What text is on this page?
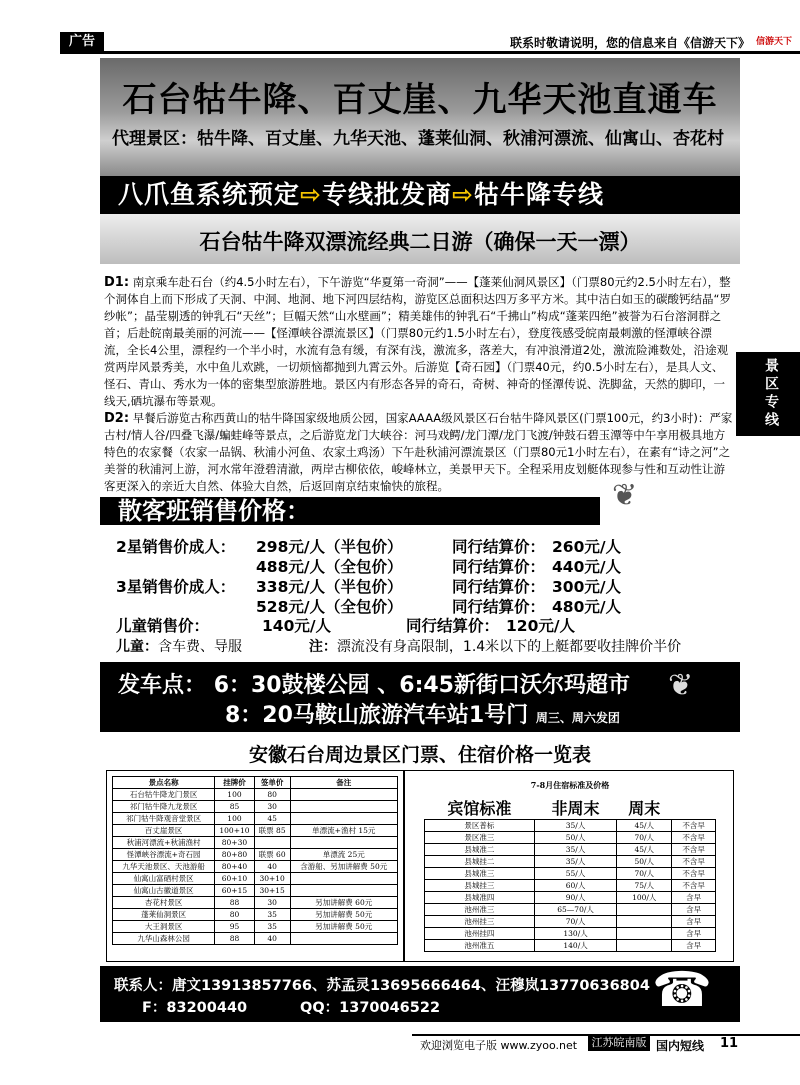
广告	联系时敬请说明，您的信息来自《信游天下》 信游天下
石台牯牛降、百丈崖、九华天池直通车
代理景区：牯牛降、百丈崖、九华天池、蓬莱仙洞、秋浦河漂流、仙寓山、杏花村
八爪鱼系统预定⇨专线批发商⇨牯牛降专线
石台牯牛降双漂流经典二日游（确保一天一漂）

D1: 南京乘车赴石台（约4.5小时左右），下午游览“华夏第一奇洞”——【蓬莱仙洞风景区】（门票80元约2.5小时左右），整个洞体自上而下形成了天洞、中洞、地洞、地下河四层结构，游览区总面积达四万多平方米。其中洁白如玉的碳酸钙结晶“罗纱帐”；晶莹剔透的钟乳石“天丝”；巨幅天然“山水壁画”；精美雄伟的钟乳石“千拂山”构成“蓬莱四绝”被誉为石台溶洞群之首；后赴皖南最美丽的河流——【怪潭峡谷漂流景区】（门票80元约1.5小时左右），登度筏感受皖南最刺激的怪潭峡谷漂流，全长4公里，漂程约一个半小时，水流有急有缓，有深有浅，激流多，落差大，有冲浪滑道2处，激流险滩数处，沿途观赏两岸风景秀美，水中鱼儿欢跳，一切烦恼都抛到九霄云外。后游览【奇石园】（门票40元，约0.5小时左右），是具人文、怪石、青山、秀水为一体的密集型旅游胜地。景区内有形态各异的奇石，奇树、神奇的怪潭传说、洗脚盆，天然的脚印，一线天,硒坑瀑布等景观。

D2: 早餐后游览古称西黄山的牯牛降国家级地质公园，国家AAAA级风景区石台牯牛降风景区(门票100元，约3小时)：严家古村/情人谷/四叠飞瀑/蝙蛙峰等景点，之后游览龙门大峡谷：河马戏鳄/龙门潭/龙门飞渡/钟鼓石碧玉潭等中午享用极具地方特色的农家餐（农家一品锅、秋浦小河鱼、农家土鸡汤）下午赴秋浦河漂流景区（门票80元1小时左右），在素有“诗之河”之美誉的秋浦河上游，河水常年澄碧清澈，两岸古柳依依，峻峰林立，美景甲天下。全程采用皮划艇体现参与性和互动性让游客更深入的亲近大自然、体验大自然，后返回南京结束愉快的旅程。

景区专线
散客班销售价格：	❦
2星销售价成人： 298元/人（半包价）	同行结算价： 260元/人
488元/人（全包价）	同行结算价： 440元/人
3星销售价成人： 338元/人（半包价）	同行结算价： 300元/人
528元/人（全包价）	同行结算价： 480元/人
儿童销售价：	140元/人	同行结算价： 120元/人
儿童：含车费、导服	注：漂流没有身高限制，1.4米以下的上艇都要收挂牌价半价
发车点： 6：30鼓楼公园 、6:45新街口沃尔玛超市
8：20马鞍山旅游汽车站1号门 周三、周六发团
❦
安徽石台周边景区门票、住宿价格一览表
景点名称	挂牌价	签单价	备注
石台牯牛降龙门景区	100	80	
祁门牯牛降九龙景区	85	30	
祁门牯牛降观音堂景区	100	45	
百丈崖景区	100+10	联票 85	单漂流+渔村 15元
秋浦河漂流+秋浦渔村	80+30		
怪潭峡谷漂流+奇石园	80+80	联票 60	单漂流 25元
九华天池景区、天池游船	80+40	40	含游船、另加讲解费 50元
仙寓山富硒村景区	60+10	30+10	
仙寓山古徽道景区	60+15	30+15	
杏花村景区	88	30	另加讲解费 60元
蓬莱仙洞景区	80	35	另加讲解费 50元
大王洞景区	95	35	另加讲解费 50元
九华山森林公园	88	40	
7-8月住宿标准及价格
宾馆标准	非周末	周末	
景区普标	35/人	45/人	不含早
景区准三	50/人	70/人	不含早
县城准二	35/人	45/人	不含早
县城挂二	35/人	50/人	不含早
县城准三	55/人	70/人	不含早
县城挂三	60/人	75/人	不含早
县城准四	90/人	100/人	含早
池州准三	65—70/人		含早
池州挂三	70/人		含早
池州挂四	130/人		含早
池州准五	140/人		含早
联系人：唐文13913857766、苏孟灵13695666464、汪穆岚13770636804
F：83200440	QQ：1370046522	☎
欢迎浏览电子版 www.zyoo.net	江苏皖南版 国内短线 11
